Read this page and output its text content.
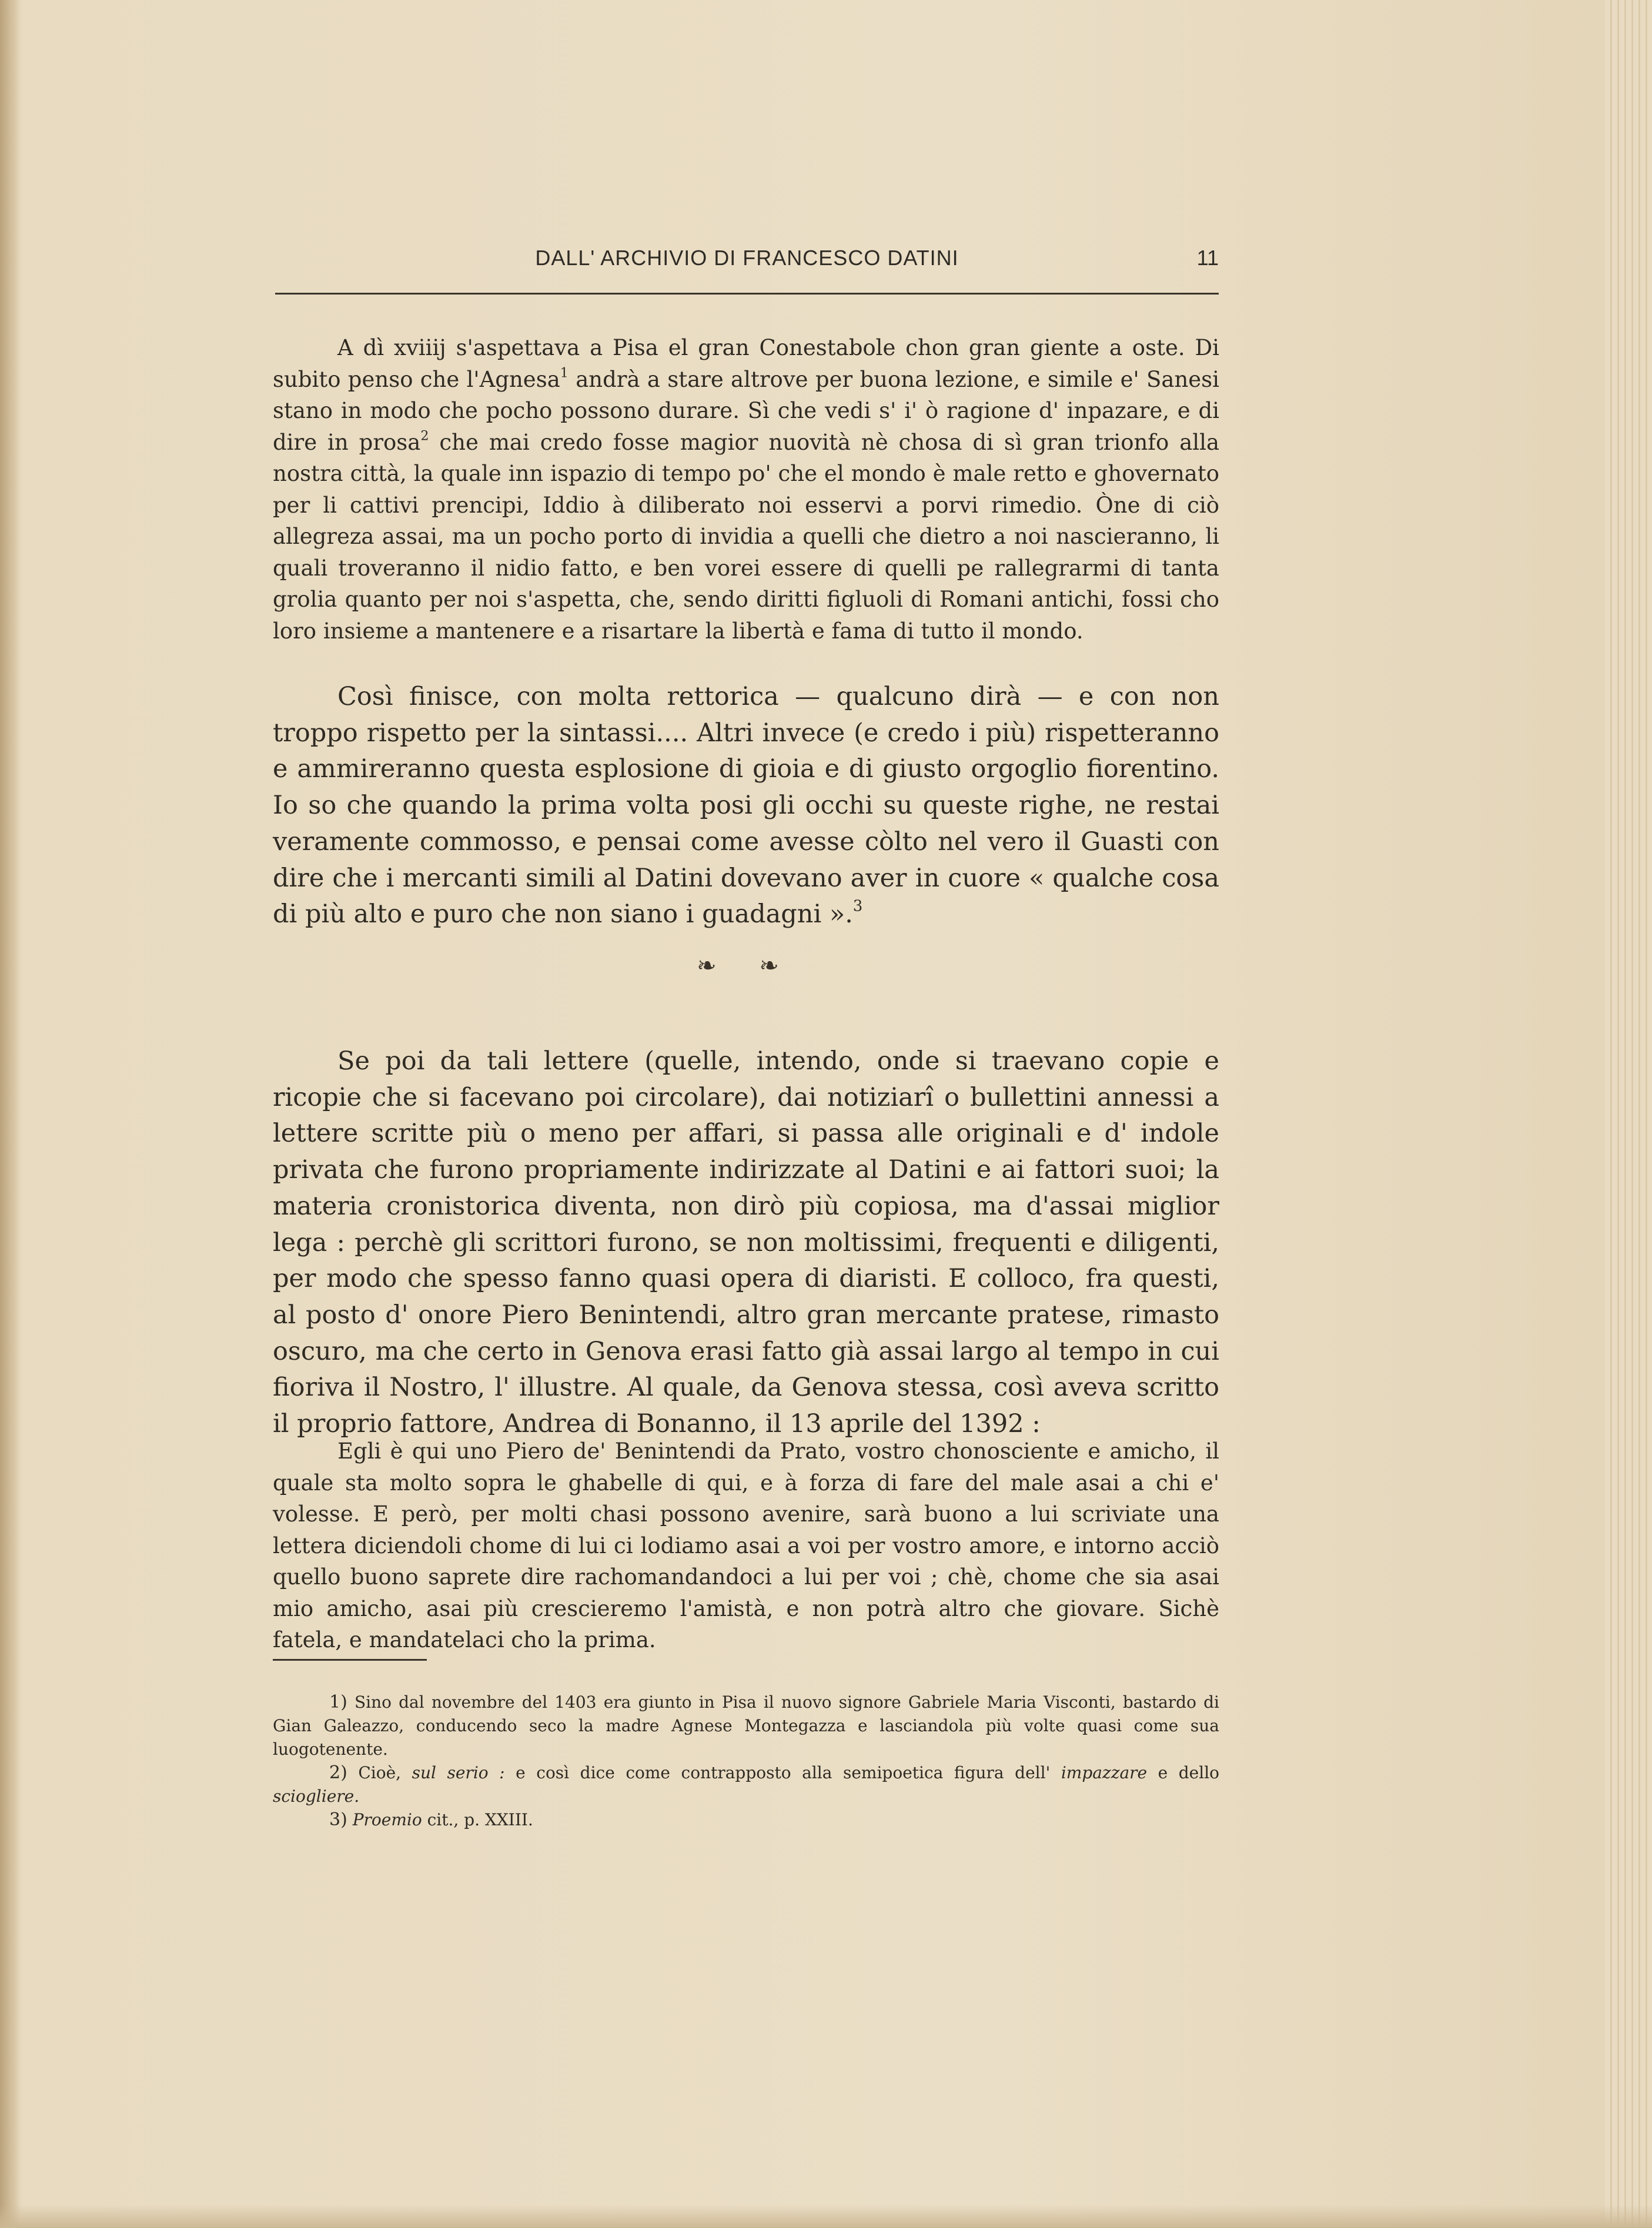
DALL' ARCHIVIO DI FRANCESCO DATINI	11

A dì xviiij s'aspettava a Pisa el gran Conestabole chon gran giente a oste. Di subito penso che l'Agnesa$^1$ andrà a stare altrove per buona lezione, e simile e' Sanesi stano in modo che pocho possono durare. Sì che vedi s' i' ò ragione d' inpazare, e di dire in prosa$^2$ che mai credo fosse magior nuovità nè chosa di sì gran trionfo alla nostra città, la quale inn ispazio di tempo po' che el mondo è male retto e ghovernato per li cattivi prencipi, Iddio à diliberato noi esservi a porvi rimedio. Òne di ciò allegreza assai, ma un pocho porto di invidia a quelli che dietro a noi nascieranno, li quali troveranno il nidio fatto, e ben vorei essere di quelli pe rallegrarmi di tanta grolia quanto per noi s'aspetta, che, sendo diritti figluoli di Romani antichi, fossi cho loro insieme a mantenere e a risartare la libertà e fama di tutto il mondo.

Così finisce, con molta rettorica — qualcuno dirà — e con non troppo rispetto per la sintassi.... Altri invece (e credo i più) rispetteranno e ammireranno questa esplosione di gioia e di giusto orgoglio fiorentino. Io so che quando la prima volta posi gli occhi su queste righe, ne restai veramente commosso, e pensai come avesse còlto nel vero il Guasti con dire che i mercanti simili al Datini dovevano aver in cuore « qualche cosa di più alto e puro che non siano i guadagni ».$^3$

❧ ❧

Se poi da tali lettere (quelle, intendo, onde si traevano copie e ricopie che si facevano poi circolare), dai notiziarî o bullettini annessi a lettere scritte più o meno per affari, si passa alle originali e d' indole privata che furono propriamente indirizzate al Datini e ai fattori suoi; la materia cronistorica diventa, non dirò più copiosa, ma d'assai miglior lega : perchè gli scrittori furono, se non moltissimi, frequenti e diligenti, per modo che spesso fanno quasi opera di diaristi. E colloco, fra questi, al posto d' onore Piero Benintendi, altro gran mercante pratese, rimasto oscuro, ma che certo in Genova erasi fatto già assai largo al tempo in cui fioriva il Nostro, l' illustre. Al quale, da Genova stessa, così aveva scritto il proprio fattore, Andrea di Bonanno, il 13 aprile del 1392 :

Egli è qui uno Piero de' Benintendi da Prato, vostro chonosciente e amicho, il quale sta molto sopra le ghabelle di qui, e à forza di fare del male asai a chi e' volesse. E però, per molti chasi possono avenire, sarà buono a lui scriviate una lettera diciendoli chome di lui ci lodiamo asai a voi per vostro amore, e intorno acciò quello buono saprete dire rachomandandoci a lui per voi ; chè, chome che sia asai mio amicho, asai più crescieremo l'amistà, e non potrà altro che giovare. Sichè fatela, e mandatelaci cho la prima.

1) Sino dal novembre del 1403 era giunto in Pisa il nuovo signore Gabriele Maria Visconti, bastardo di Gian Galeazzo, conducendo seco la madre Agnese Montegazza e lasciandola più volte quasi come sua luogotenente.

2) Cioè, sul serio : e così dice come contrapposto alla semipoetica figura dell' impazzare e dello sciogliere.

3) Proemio cit., p. XXIII.
